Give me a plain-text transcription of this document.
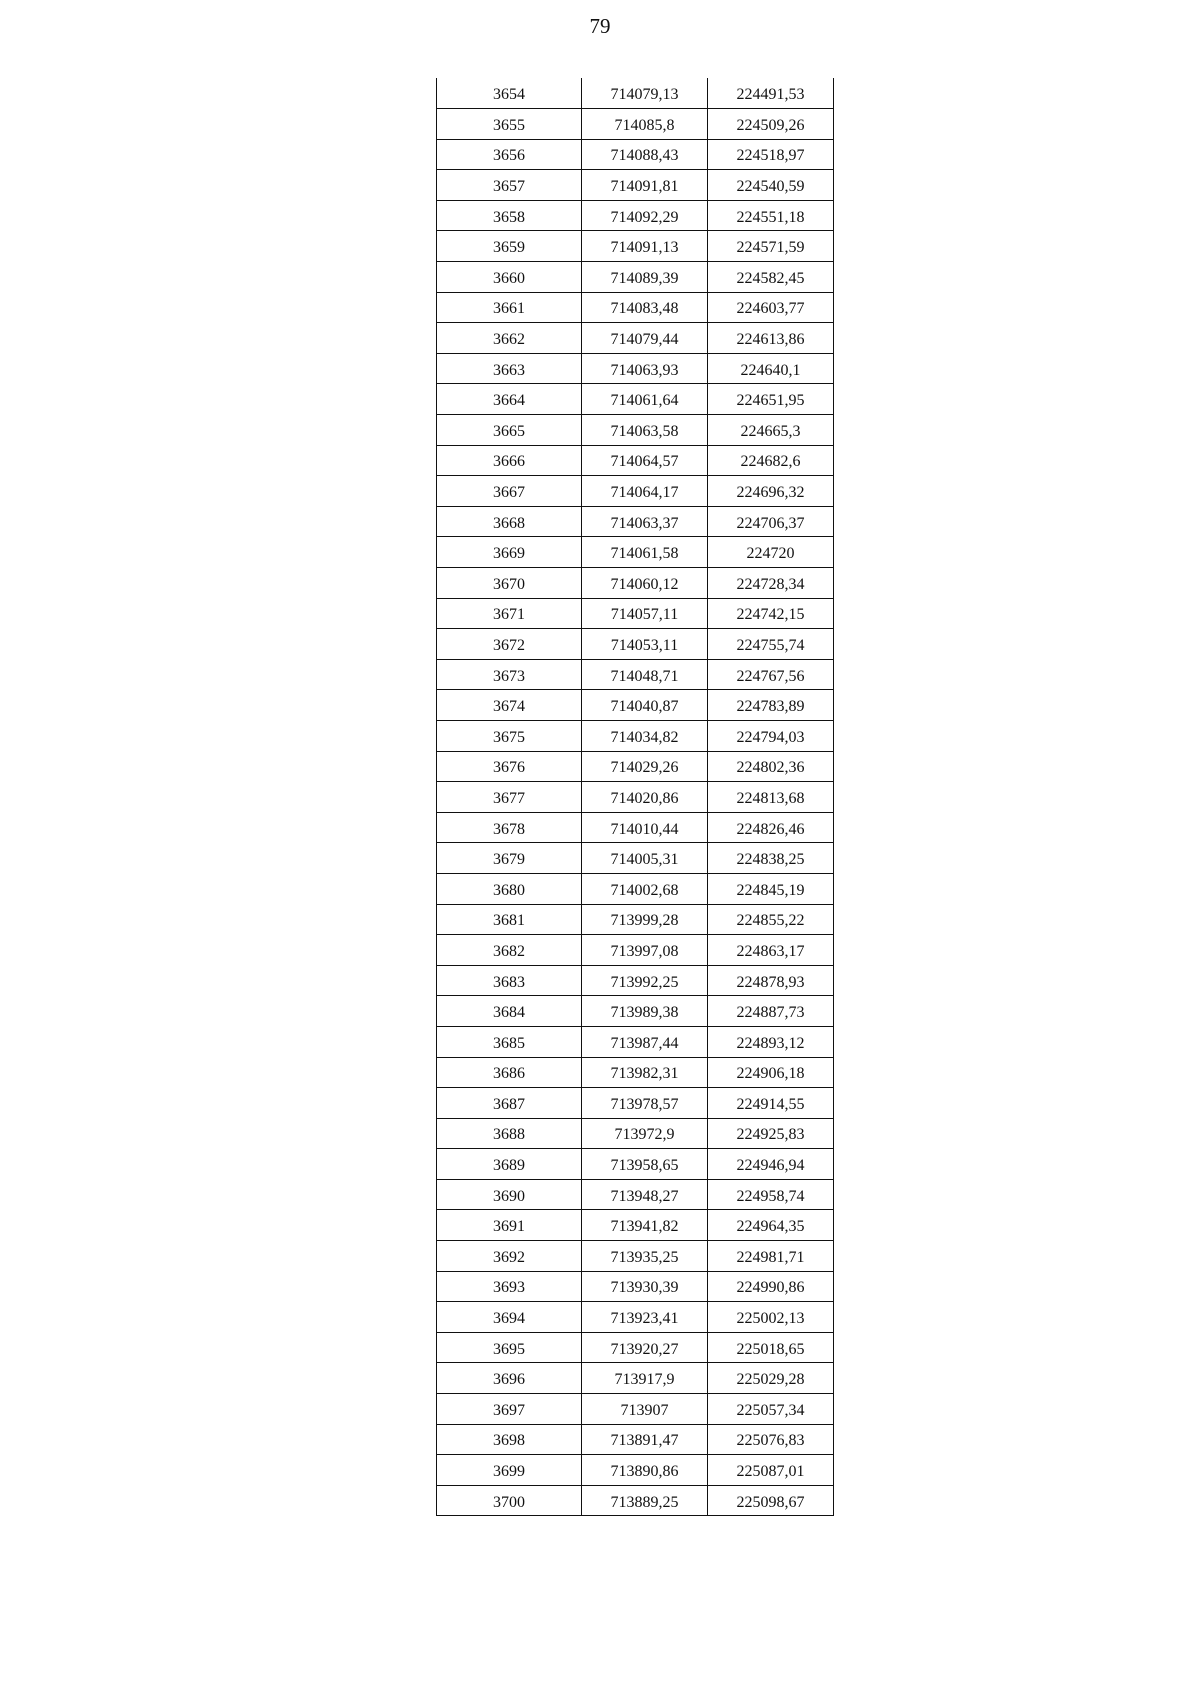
79
3654	714079,13	224491,53
3655	714085,8	224509,26
3656	714088,43	224518,97
3657	714091,81	224540,59
3658	714092,29	224551,18
3659	714091,13	224571,59
3660	714089,39	224582,45
3661	714083,48	224603,77
3662	714079,44	224613,86
3663	714063,93	224640,1
3664	714061,64	224651,95
3665	714063,58	224665,3
3666	714064,57	224682,6
3667	714064,17	224696,32
3668	714063,37	224706,37
3669	714061,58	224720
3670	714060,12	224728,34
3671	714057,11	224742,15
3672	714053,11	224755,74
3673	714048,71	224767,56
3674	714040,87	224783,89
3675	714034,82	224794,03
3676	714029,26	224802,36
3677	714020,86	224813,68
3678	714010,44	224826,46
3679	714005,31	224838,25
3680	714002,68	224845,19
3681	713999,28	224855,22
3682	713997,08	224863,17
3683	713992,25	224878,93
3684	713989,38	224887,73
3685	713987,44	224893,12
3686	713982,31	224906,18
3687	713978,57	224914,55
3688	713972,9	224925,83
3689	713958,65	224946,94
3690	713948,27	224958,74
3691	713941,82	224964,35
3692	713935,25	224981,71
3693	713930,39	224990,86
3694	713923,41	225002,13
3695	713920,27	225018,65
3696	713917,9	225029,28
3697	713907	225057,34
3698	713891,47	225076,83
3699	713890,86	225087,01
3700	713889,25	225098,67
